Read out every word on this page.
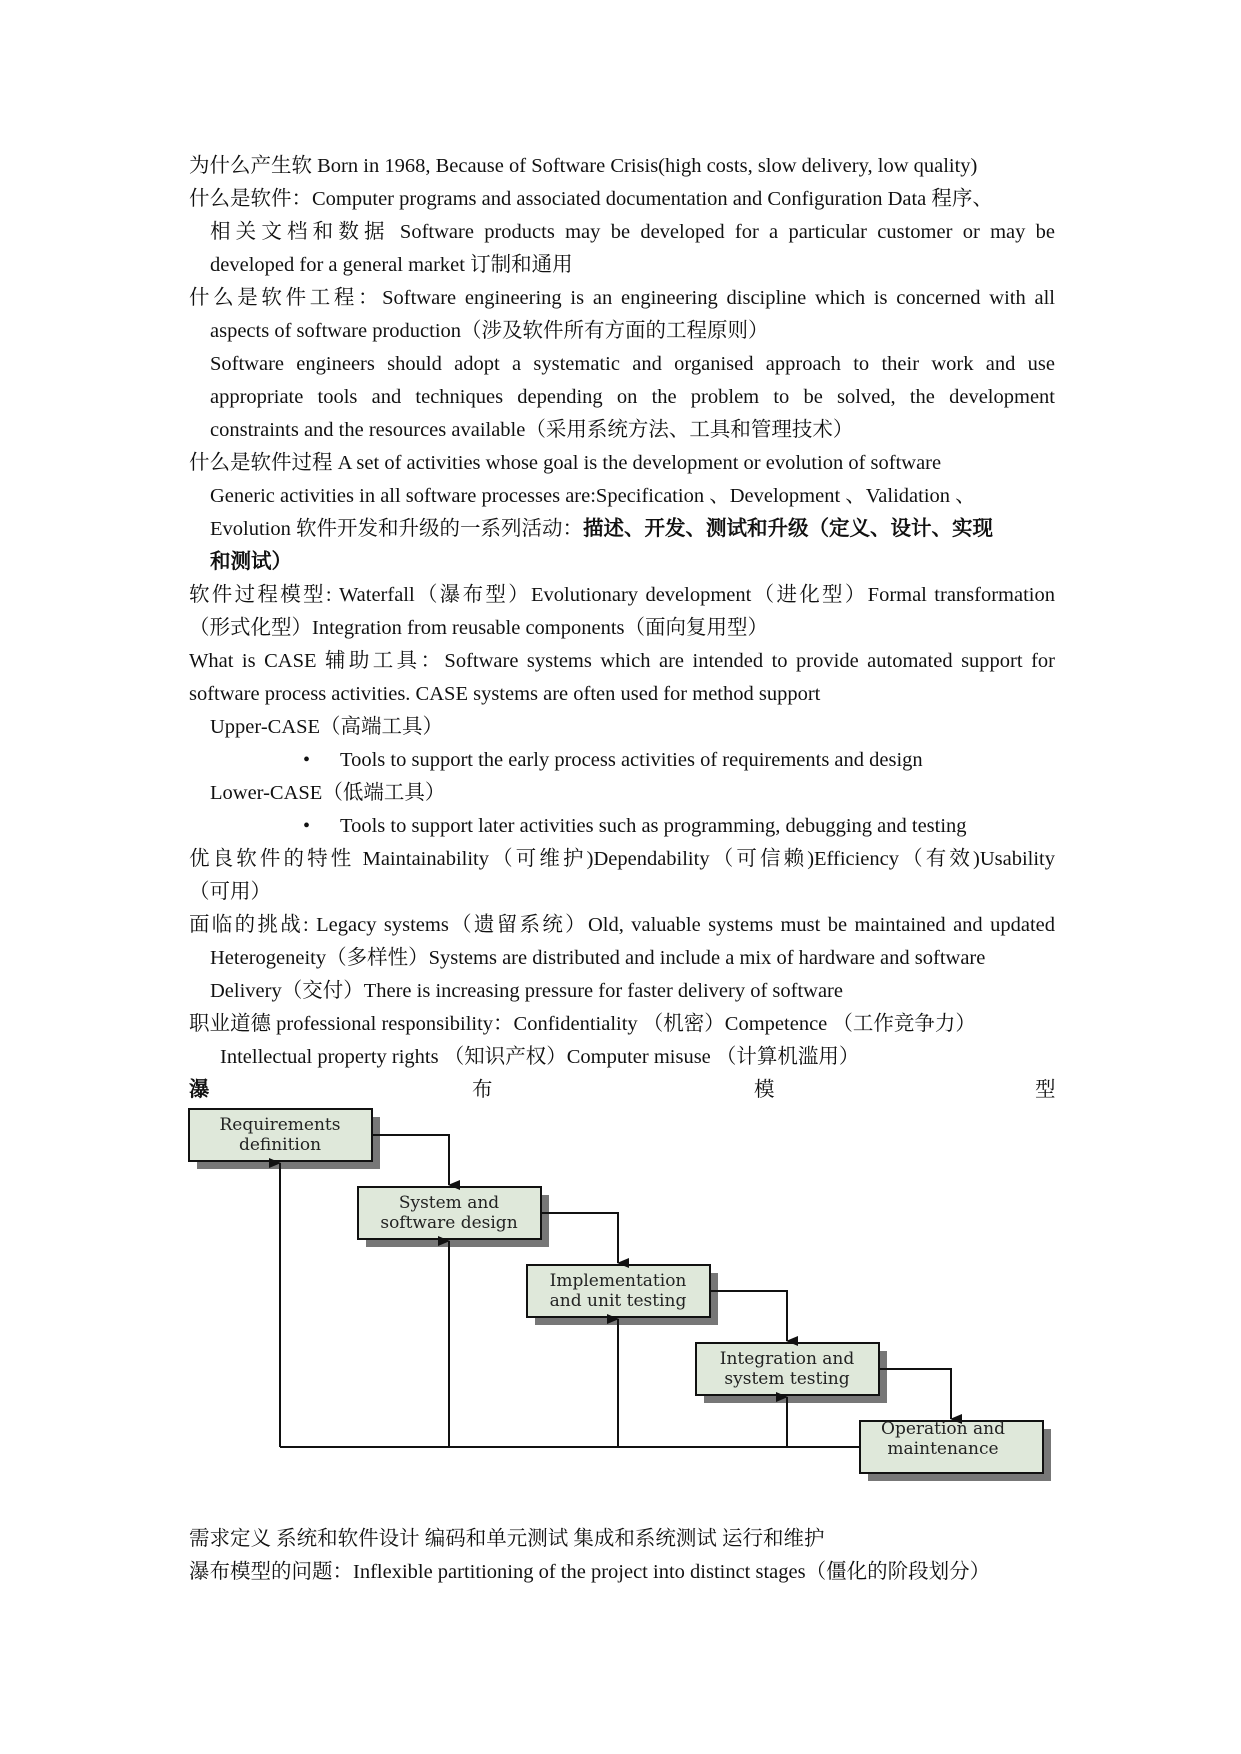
为什么产生软 Born in 1968, Because of Software Crisis(high costs, slow delivery, low quality)
什么是软件：Computer programs and associated documentation and Configuration Data 程序、
相关文档和数据 Software products may be developed for a particular customer or may be
developed for a general market 订制和通用
什么是软件工程：Software engineering is an engineering discipline which is concerned with all
aspects of software production（涉及软件所有方面的工程原则）
Software engineers should adopt a systematic and organised approach to their work and use
appropriate tools and techniques depending on the problem to be solved, the development
constraints and the resources available（采用系统方法、工具和管理技术）
什么是软件过程 A set of activities whose goal is the development or evolution of software
Generic activities in all software processes are:Specification 、Development 、Validation 、
Evolution 软件开发和升级的一系列活动：描述、开发、测试和升级（定义、设计、实现
和测试）
软件过程模型: Waterfall（瀑布型）Evolutionary development（进化型）Formal transformation
（形式化型）Integration from reusable components（面向复用型）
What is CASE 辅助工具：Software systems which are intended to provide automated support for
software process activities. CASE systems are often used for method support
Upper-CASE（高端工具）
• Tools to support the early process activities of requirements and design
Lower-CASE（低端工具）
• Tools to support later activities such as programming, debugging and testing
优良软件的特性 Maintainability（可维护)Dependability（可信赖)Efficiency（有效)Usability
（可用）
面临的挑战: Legacy systems（遗留系统）Old, valuable systems must be maintained and updated
Heterogeneity（多样性）Systems are distributed and include a mix of hardware and software
Delivery（交付）There is increasing pressure for faster delivery of software
职业道德 professional responsibility：Confidentiality （机密）Competence （工作竞争力）
Intellectual property rights （知识产权）Computer misuse （计算机滥用）
瀑	布	模	型
Requirements
definition
System and
software design
Implementation
and unit testing
Integration and
system testing
Operation and
maintenance
需求定义 系统和软件设计 编码和单元测试 集成和系统测试 运行和维护
瀑布模型的问题：Inflexible partitioning of the project into distinct stages（僵化的阶段划分）
